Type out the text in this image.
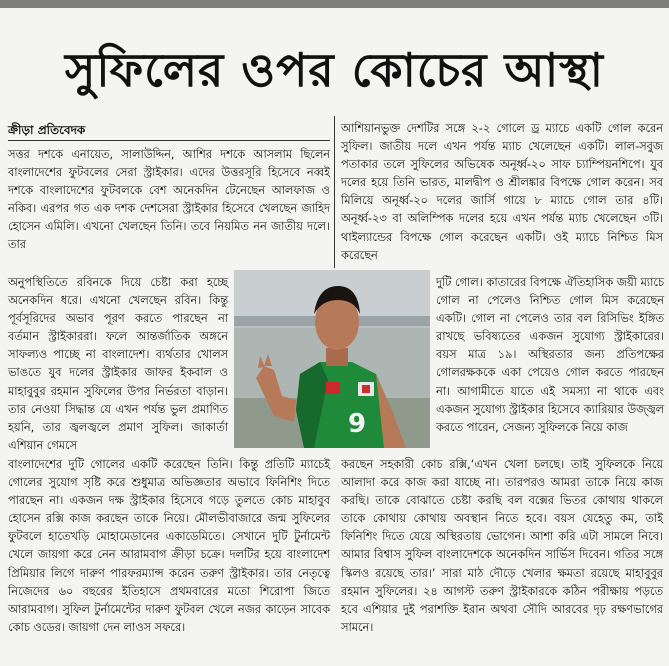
সুফিলের ওপর কোচের আস্থা
ক্রীড়া প্রতিবেদক

সত্তর দশকে এনায়েত, সালাউদ্দিন, আশির দশকে আসলাম ছিলেন বাংলাদেশের ফুটবলের সেরা স্ট্রাইকার। এদের উত্তরসূরি হিসেবে নব্বই দশকে বাংলাদেশের ফুটবলকে বেশ অনেকদিন টেনেছেন আলফাজ ও নকিব। এরপর গত এক দশক দেশসেরা স্ট্রাইকার হিসেবে খেলছেন জাহিদ হোসেন এমিলি। এখনো খেলছেন তিনি। তবে নিয়মিত নন জাতীয় দলে। তার

অনুপস্থিতিতে রবিনকে দিয়ে চেষ্টা করা হচ্ছে অনেকদিন ধরে। এখনো খেলছেন রবিন। কিন্তু পূর্বসূরিদের অভাব পূরণ করতে পারছেন না বর্তমান স্ট্রাইকাররা। ফলে আন্তর্জাতিক অঙ্গনে সাফল্যও পাচ্ছে না বাংলাদেশ। ব্যর্থতার খোলস ভাঙতে যুব দলের স্ট্রাইকার জাফর ইকবাল ও মাহাবুবুর রহমান সুফিলের উপর নির্ভরতা বাড়ান। তার নেওয়া সিদ্ধান্ত যে এখন পর্যন্ত ভুল প্রমাণিত হয়নি, তার জ্বলজ্বলে প্রমাণ সুফিল। জাকার্তা এশিয়ান গেমসে

আশিয়ানভুক্ত দেশটির সঙ্গে ২-২ গোলে ড্র ম্যাচে একটি গোল করেন সুফিল। জাতীয় দলে এখন পর্যন্ত ম্যাচ খেলেছেন একটি। লাল-সবুজ পতাকার তলে সুফিলের অভিষেক অনূর্ধ্ব-২০ সাফ চ্যাম্পিয়নশিপে। যুব দলের হয়ে তিনি ভারত, মালদ্বীপ ও শ্রীলঙ্কার বিপক্ষে গোল করেন। সব মিলিয়ে অনূর্ধ্ব-২০ দলের জার্সি গায়ে ৮ ম্যাচে গোল তার ৪টি। অনূর্ধ্ব-২৩ বা অলিম্পিক দলের হয়ে এখন পর্যন্ত ম্যাচ খেলেছেন ৩টি। থাইল্যান্ডের বিপক্ষে গোল করেছেন একটি। ওই ম্যাচে নিশ্চিত মিস করেছেন

দুটি গোল। কাতারের বিপক্ষে ঐতিহাসিক জয়ী ম্যাচে গোল না পেলেও নিশ্চিত গোল মিস করেছেন একটি। গোল না পেলেও তার বল রিসিভিং ইঙ্গিত রাখছে ভবিষ্যতের একজন সুযোগ্য স্ট্রাইকারের। বয়স মাত্র ১৯। অস্থিরতার জন্য প্রতিপক্ষের গোলরক্ষককে একা পেয়েও গোল করতে পারছেন না। আগামীতে যাতে এই সমস্যা না থাকে এবং একজন সুযোগ্য স্ট্রাইকার হিসেবে ক্যারিয়ার উজ্জ্বল করতে পারেন, সেজন্য সুফিলকে নিয়ে কাজ

বাংলাদেশের দুটি গোলের একটি করেছেন তিনি। কিন্তু প্রতিটি ম্যাচেই গোলের সুযোগ সৃষ্টি করে শুধুমাত্র অভিজ্ঞতার অভাবে ফিনিশিং দিতে পারছেন না। একজন দক্ষ স্ট্রাইকার হিসেবে গড়ে তুলতে কোচ মাহাবুব হোসেন রক্সি কাজ করছেন তাকে নিয়ে। মৌলভীবাজারে জন্ম সুফিলের ফুটবলে হাতেখড়ি মোহামেডানের একাডেমিতে। সেখানে দুটি টুর্নামেন্ট খেলে জায়গা করে নেন আরামবাগ ক্রীড়া চক্রে। দলটির হয়ে বাংলাদেশ প্রিমিয়ার লিগে দারুণ পারফরম্যান্স করেন তরুণ স্ট্রাইকার। তার নেতৃত্বে নিজেদের ৬০ বছরের ইতিহাসে প্রথমবারের মতো শিরোপা জিতে আরামবাগ। সুফিল টুর্নামেন্টের দারুণ ফুটবল খেলে নজর কাড়েন সাবেক কোচ ওডের। জায়গা দেন লাওস সফরে।

করছেন সহকারী কোচ রক্সি,‘এখন খেলা চলছে। তাই সুফিলকে নিয়ে আলাদা করে কাজ করা যাচ্ছে না। তারপরও আমরা তাকে নিয়ে কাজ করছি। তাকে বোঝাতে চেষ্টা করছি বল বক্সের ভিতর কোথায় থাকলে তাকে কোথায় কোথায় অবস্থান নিতে হবে। বয়স যেহেতু কম, তাই ফিনিশিং দিতে যেয়ে অস্থিরতায় ভোগেন। আশা করি এটা সামলে নিবে। আমার বিশ্বাস সুফিল বাংলাদেশকে অনেকদিন সার্ভিস দিবেন। গতির সঙ্গে স্কিলও রয়েছে তার।’ সারা মাঠ দৌড়ে খেলার ক্ষমতা রয়েছে মাহাবুবুর রহমান সুফিলের। ২৪ আগস্ট তরুণ স্ট্রাইকারকে কঠিন পরীক্ষায় পড়তে হবে এশিয়ার দুই পরাশক্তি ইরান অথবা সৌদি আরবের দৃঢ় রক্ষণভাগের সামনে।

9
